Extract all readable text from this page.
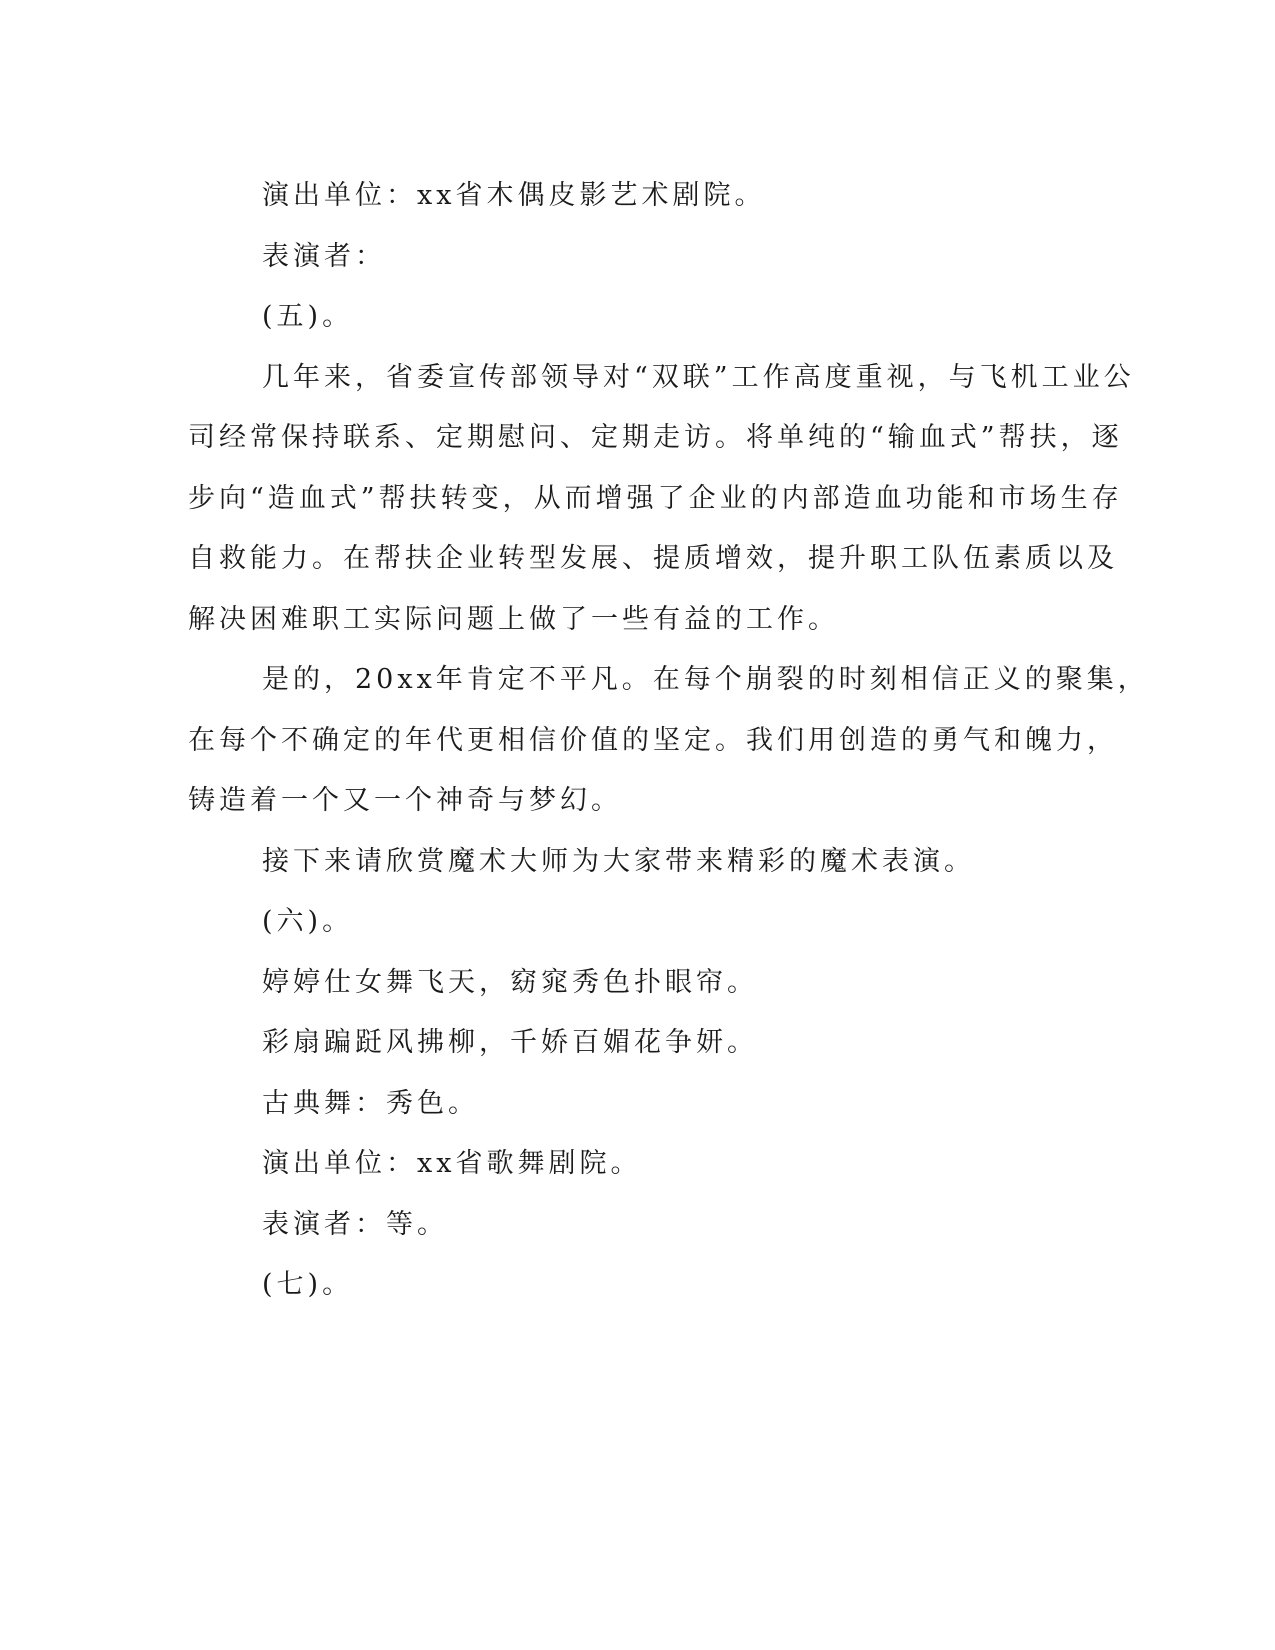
演出单位：xx省木偶皮影艺术剧院。

表演者：

(五)。

几年来，省委宣传部领导对“双联”工作高度重视，与飞机工业公
司经常保持联系、定期慰问、定期走访。将单纯的“输血式”帮扶，逐
步向“造血式”帮扶转变，从而增强了企业的内部造血功能和市场生存
自救能力。在帮扶企业转型发展、提质增效，提升职工队伍素质以及
解决困难职工实际问题上做了一些有益的工作。

是的，20xx年肯定不平凡。在每个崩裂的时刻相信正义的聚集，
在每个不确定的年代更相信价值的坚定。我们用创造的勇气和魄力，
铸造着一个又一个神奇与梦幻。

接下来请欣赏魔术大师为大家带来精彩的魔术表演。

(六)。

婷婷仕女舞飞天，窈窕秀色扑眼帘。

彩扇蹁跹风拂柳，千娇百媚花争妍。

古典舞：秀色。

演出单位：xx省歌舞剧院。

表演者：等。

(七)。
